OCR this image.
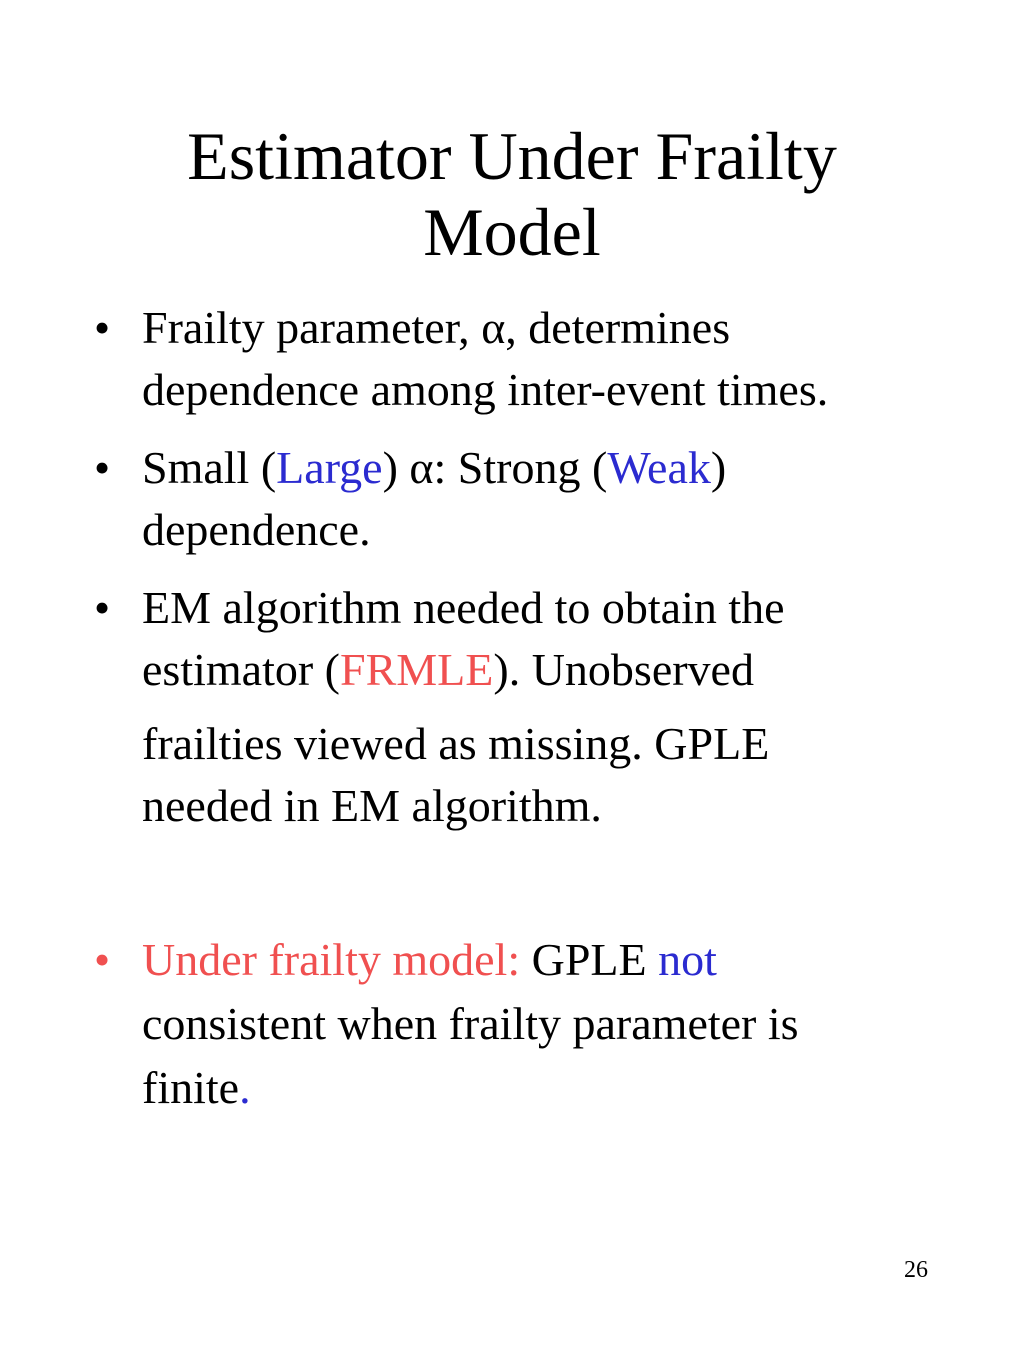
Estimator Under Frailty
Model
• Frailty parameter, α, determines
dependence among inter-event times.
• Small (Large) α: Strong (Weak)
dependence.
• EM algorithm needed to obtain the
estimator (FRMLE). Unobserved
frailties viewed as missing. GPLE
needed in EM algorithm.
• Under frailty model: GPLE not
consistent when frailty parameter is
finite.
26
